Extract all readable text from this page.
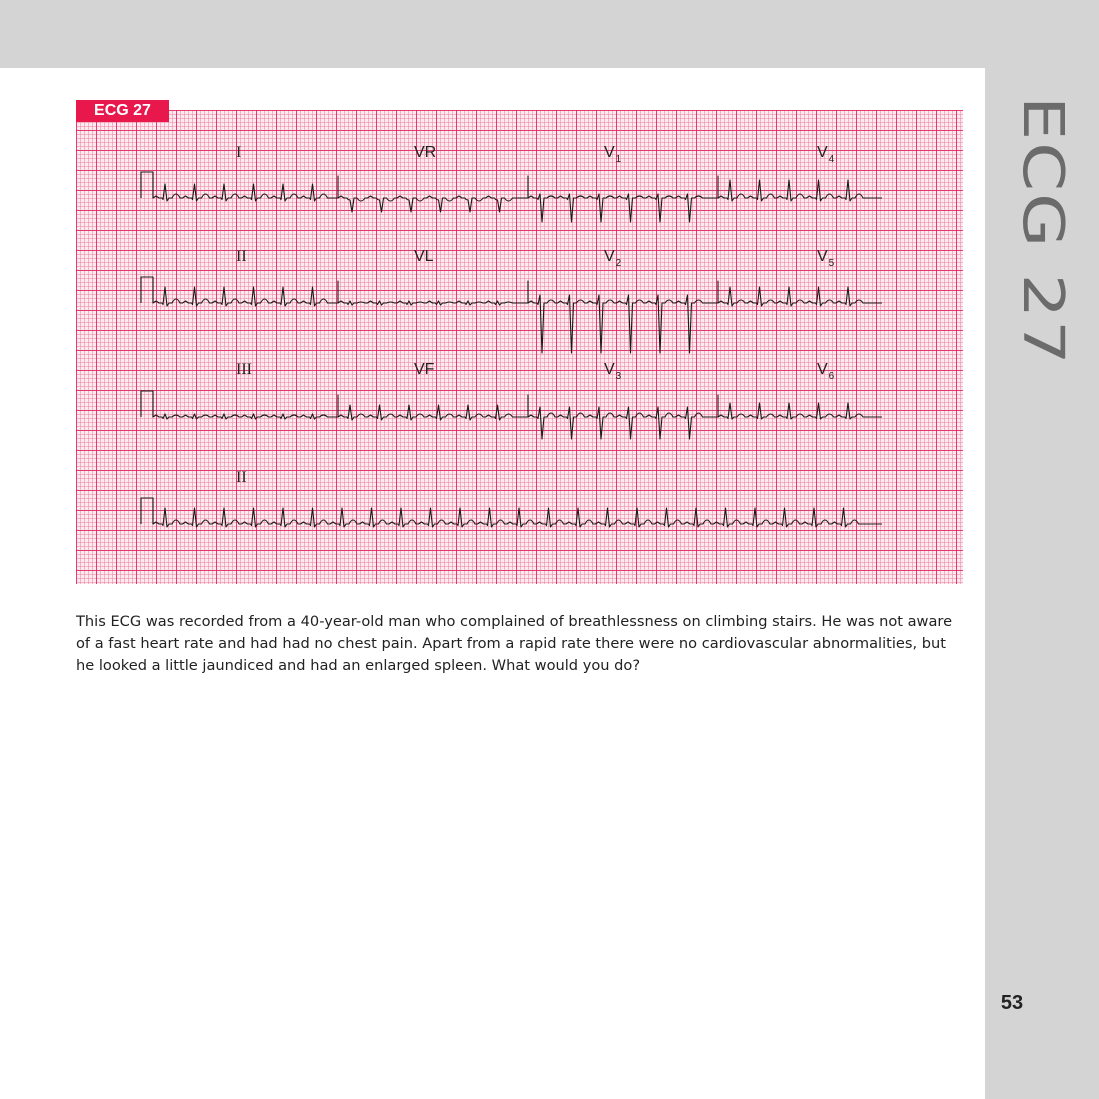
ECG 27
I	VR	$V_1$	$V_4$
II	VL	$V_2$	$V_5$
III	VF	$V_3$	$V_6$
II
ECG 27
This ECG was recorded from a 40-year-old man who complained of breathlessness on climbing stairs. He was not aware of a fast heart rate and had had no chest pain. Apart from a rapid rate there were no cardiovascular abnormalities, but he looked a little jaundiced and had an enlarged spleen. What would you do?
53
